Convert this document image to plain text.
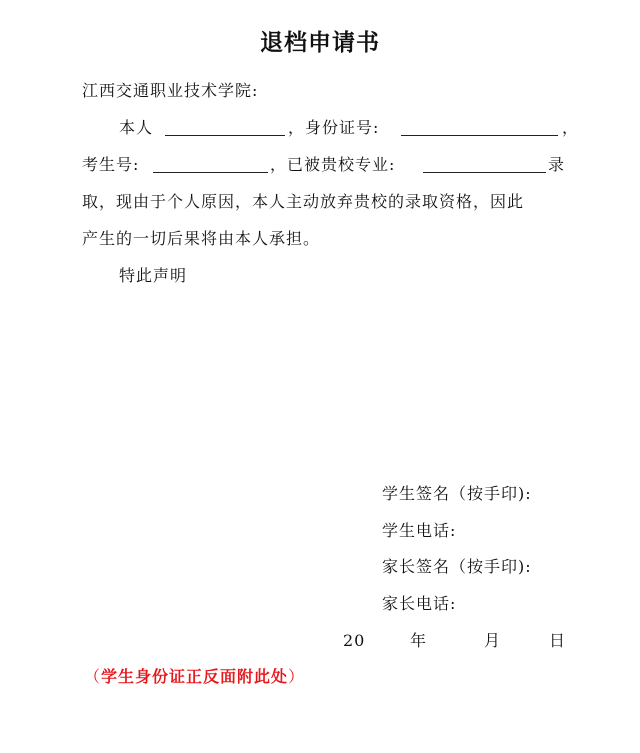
退档申请书
江西交通职业技术学院:
本人	，身份证号:	，
考生号:	，已被贵校专业:	录
取，现由于个人原因，本人主动放弃贵校的录取资格，因此
产生的一切后果将由本人承担。
特此声明
学生签名（按手印):
学生电话:
家长签名（按手印):
家长电话:
20	年	月	日
（学生身份证正反面附此处）
